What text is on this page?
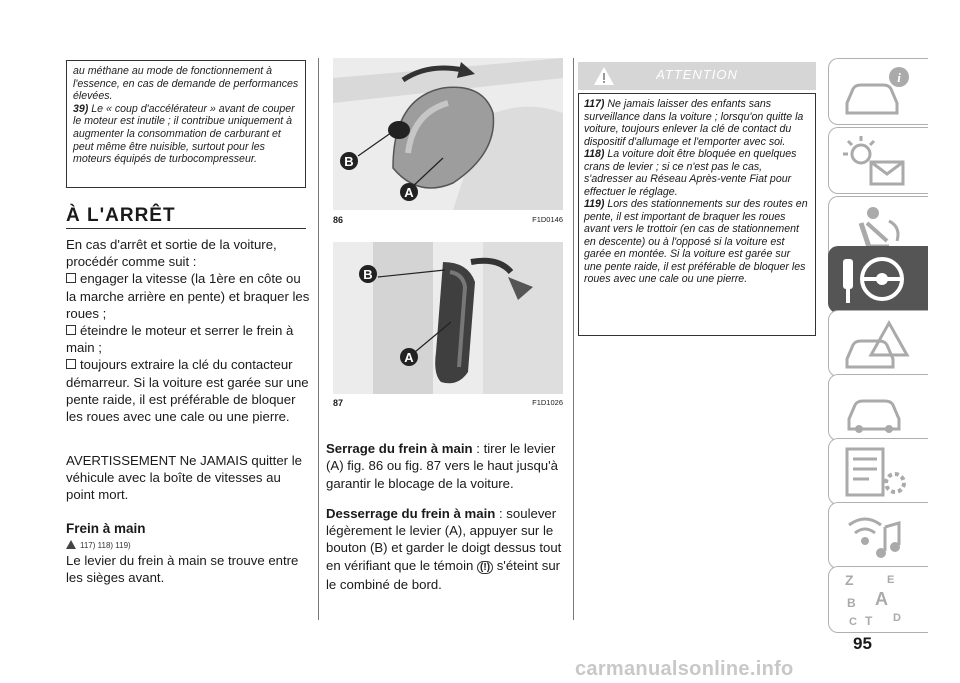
au méthane au mode de fonctionnement à l'essence, en cas de demande de performances élevées.

39) Le « coup d'accélérateur » avant de couper le moteur est inutile ; il contribue uniquement à augmenter la consommation de carburant et peut même être nuisible, surtout pour les moteurs équipés de turbocompresseur.

À L'ARRÊT

En cas d'arrêt et sortie de la voiture, procédér comme suit :

engager la vitesse (la 1ère en côte ou la marche arrière en pente) et braquer les roues ;

éteindre le moteur et serrer le frein à main ;

toujours extraire la clé du contacteur démarreur. Si la voiture est garée sur une pente raide, il est préférable de bloquer les roues avec une cale ou une pierre.

AVERTISSEMENT Ne JAMAIS quitter le véhicule avec la boîte de vitesses au point mort.
Frein à main
117) 118) 119)
Le levier du frein à main se trouve entre les sièges avant.
B
A
86	F1D0146
B
A
87	F1D1026

Serrage du frein à main : tirer le levier (A) fig. 86 ou fig. 87 vers le haut jusqu'à garantir le blocage de la voiture.

Desserrage du frein à main : soulever légèrement le levier (A), appuyer sur le bouton (B) et garder le doigt dessus tout en vérifiant que le témoin (!) s'éteint sur le combiné de bord.

ATTENTION

117) Ne jamais laisser des enfants sans surveillance dans la voiture ; lorsqu'on quitte la voiture, toujours enlever la clé de contact du dispositif d'allumage et l'emporter avec soi.

118) La voiture doit être bloquée en quelques crans de levier ; si ce n'est pas le cas, s'adresser au Réseau Après-vente Fiat pour effectuer le réglage.

119) Lors des stationnements sur des routes en pente, il est important de braquer les roues avant vers le trottoir (en cas de stationnement en descente) ou à l'opposé si la voiture est garée en montée. Si la voiture est garée sur une pente raide, il est préférable de bloquer les roues avec une cale ou une pierre.

i
Z	E
B A
C T D
95
carmanualsonline.info
